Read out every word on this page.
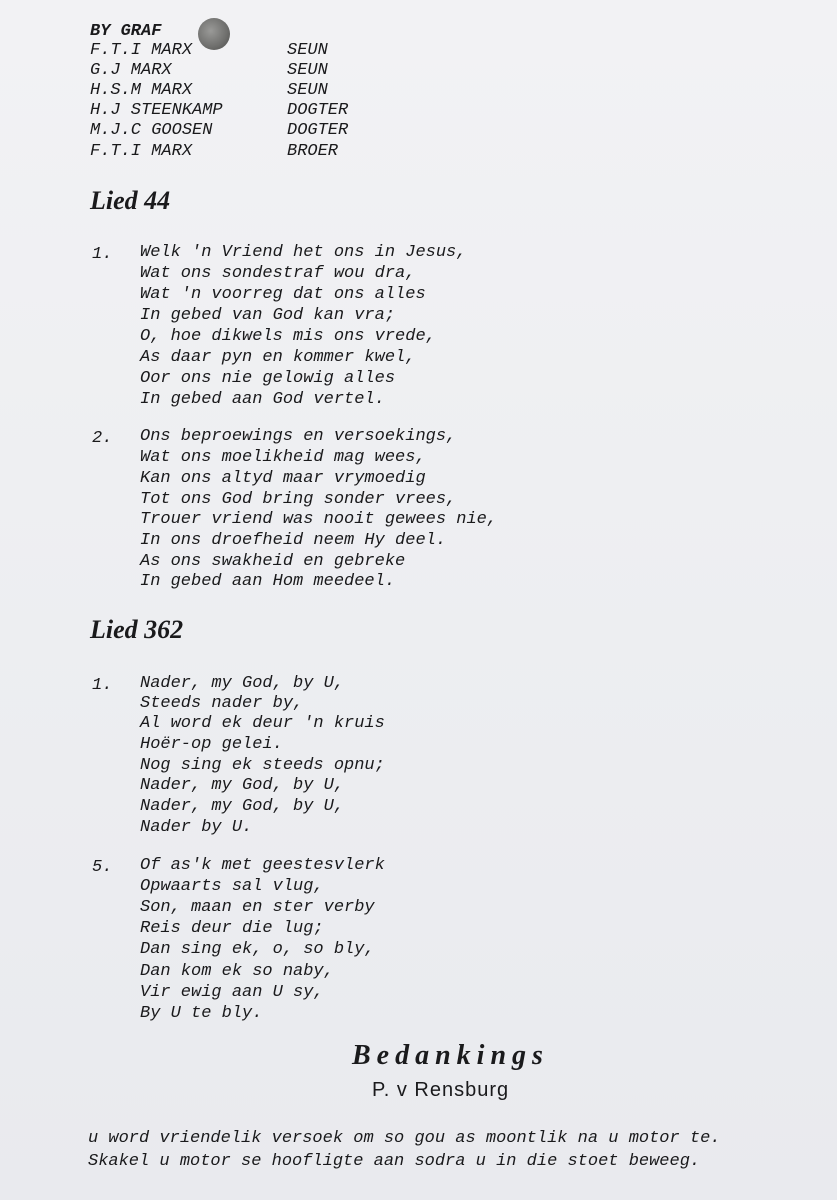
BY GRAF
F.T.I MARX	SEUN
G.J MARX	SEUN
H.S.M MARX	SEUN
H.J STEENKAMP	DOGTER
M.J.C GOOSEN	DOGTER
F.T.I MARX	BROER
Lied 44
1. Welk 'n Vriend het ons in Jesus,
Wat ons sondestraf wou dra,
Wat 'n voorreg dat ons alles
In gebed van God kan vra;
O, hoe dikwels mis ons vrede,
As daar pyn en kommer kwel,
Oor ons nie gelowig alles
In gebed aan God vertel.
2. Ons beproewings en versoekings,
Wat ons moelikheid mag wees,
Kan ons altyd maar vrymoedig
Tot ons God bring sonder vrees,
Trouer vriend was nooit gewees nie,
In ons droefheid neem Hy deel.
As ons swakheid en gebreke
In gebed aan Hom meedeel.
Lied 362
1. Nader, my God, by U,
Steeds nader by,
Al word ek deur 'n kruis
Hoër-op gelei.
Nog sing ek steeds opnu;
Nader, my God, by U,
Nader, my God, by U,
Nader by U.
5. Of as'k met geestesvlerk
Opwaarts sal vlug,
Son, maan en ster verby
Reis deur die lug;
Dan sing ek, o, so bly,
Dan kom ek so naby,
Vir ewig aan U sy,
By U te bly.
Bedankings
P. v Rensburg
u word vriendelik versoek om so gou as moontlik na u motor te.
Skakel u motor se hoofligte aan sodra u in die stoet beweeg.
